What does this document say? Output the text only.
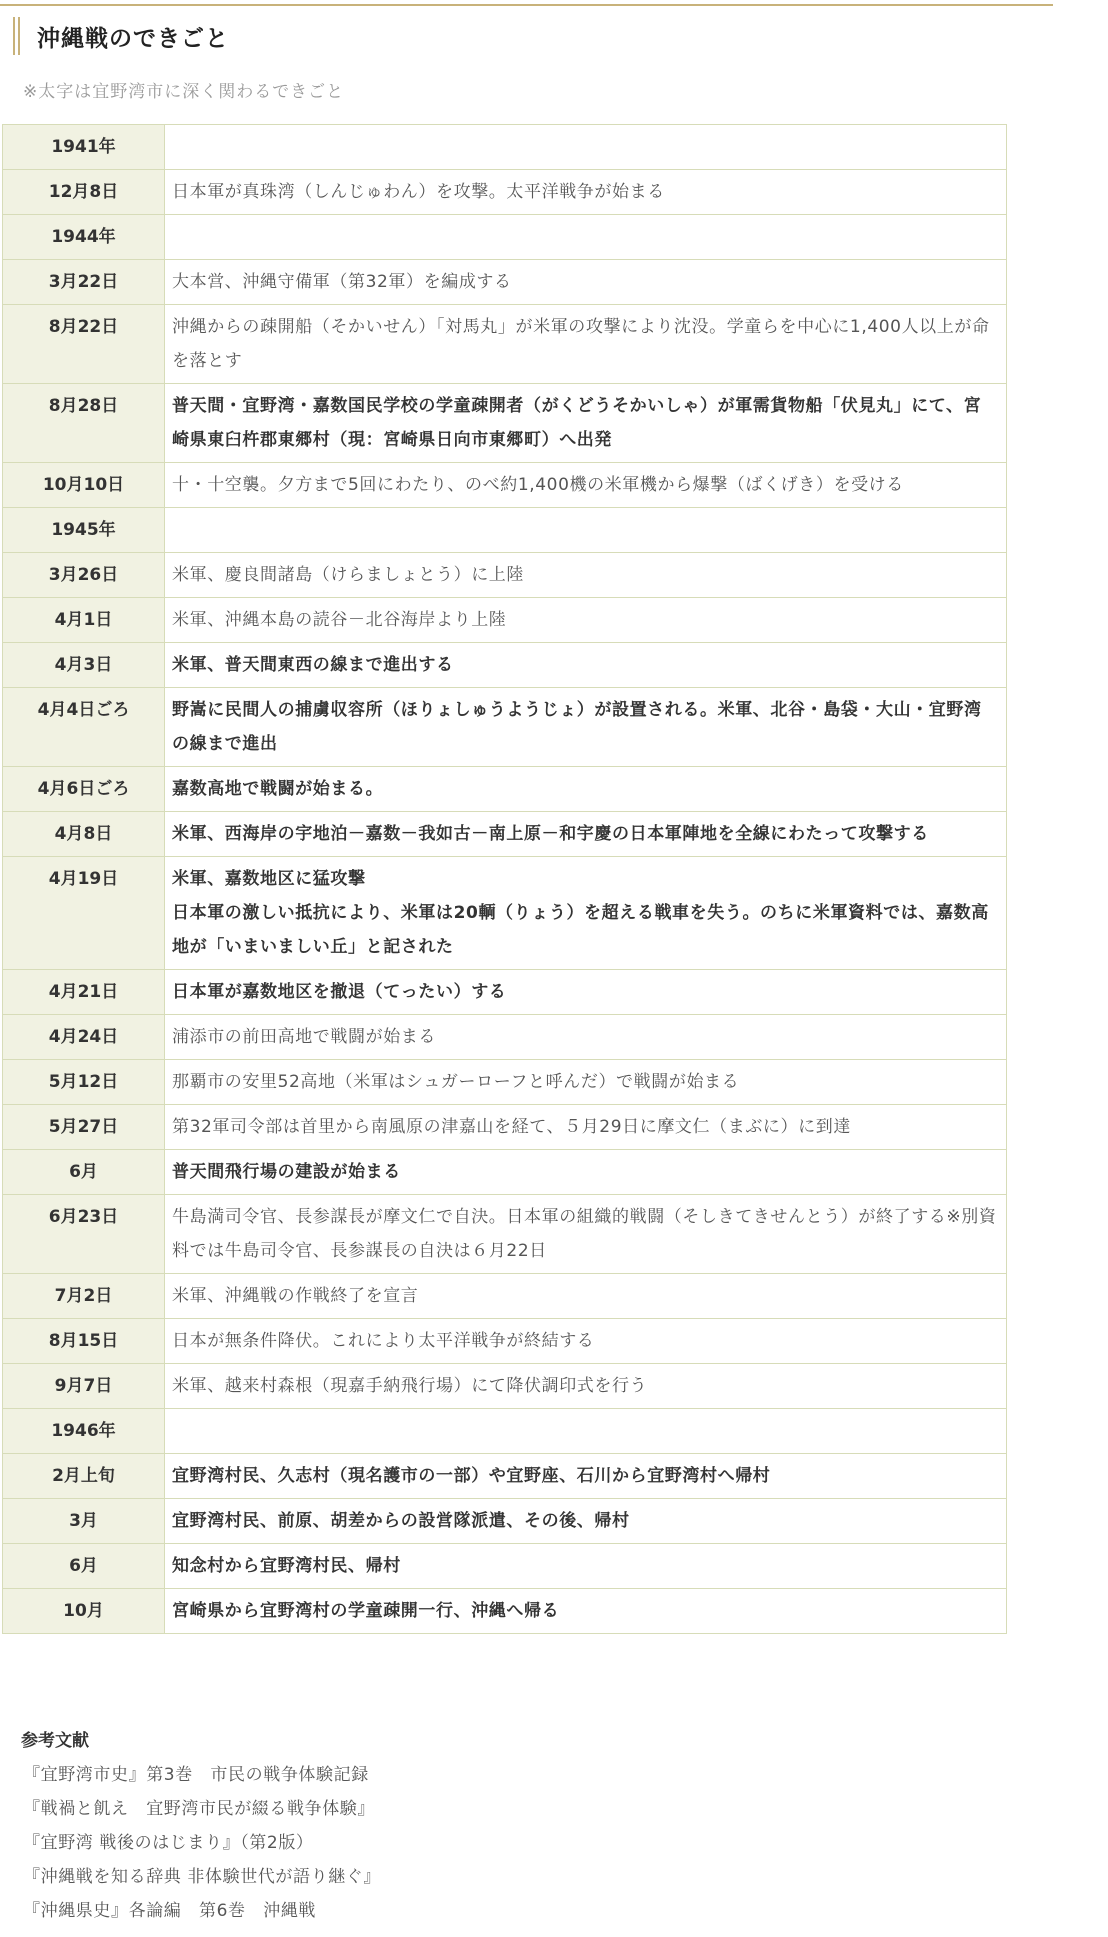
沖縄戦のできごと
※太字は宜野湾市に深く関わるできごと
1941年	
12月8日	日本軍が真珠湾（しんじゅわん）を攻撃。太平洋戦争が始まる
1944年	
3月22日	大本営、沖縄守備軍（第32軍）を編成する
8月22日	沖縄からの疎開船（そかいせん）「対馬丸」が米軍の攻撃により沈没。学童らを中心に1,400人以上が命を落とす
8月28日	普天間・宜野湾・嘉数国民学校の学童疎開者（がくどうそかいしゃ）が軍需貨物船「伏見丸」にて、宮崎県東臼杵郡東郷村（現：宮崎県日向市東郷町）へ出発
10月10日	十・十空襲。夕方まで5回にわたり、のべ約1,400機の米軍機から爆撃（ばくげき）を受ける
1945年	
3月26日	米軍、慶良間諸島（けらましょとう）に上陸
4月1日	米軍、沖縄本島の読谷－北谷海岸より上陸
4月3日	米軍、普天間東西の線まで進出する
4月4日ごろ	野嵩に民間人の捕虜収容所（ほりょしゅうようじょ）が設置される。米軍、北谷・島袋・大山・宜野湾の線まで進出
4月6日ごろ	嘉数高地で戦闘が始まる。
4月8日	米軍、西海岸の宇地泊－嘉数－我如古－南上原－和宇慶の日本軍陣地を全線にわたって攻撃する
4月19日	米軍、嘉数地区に猛攻撃
日本軍の激しい抵抗により、米軍は20輌（りょう）を超える戦車を失う。のちに米軍資料では、嘉数高地が「いまいましい丘」と記された
4月21日	日本軍が嘉数地区を撤退（てったい）する
4月24日	浦添市の前田高地で戦闘が始まる
5月12日	那覇市の安里52高地（米軍はシュガーローフと呼んだ）で戦闘が始まる
5月27日	第32軍司令部は首里から南風原の津嘉山を経て、５月29日に摩文仁（まぶに）に到達
6月	普天間飛行場の建設が始まる
6月23日	牛島満司令官、長参謀長が摩文仁で自決。日本軍の組織的戦闘（そしきてきせんとう）が終了する※別資料では牛島司令官、長参謀長の自決は６月22日
7月2日	米軍、沖縄戦の作戦終了を宣言
8月15日	日本が無条件降伏。これにより太平洋戦争が終結する
9月7日	米軍、越来村森根（現嘉手納飛行場）にて降伏調印式を行う
1946年	
2月上旬	宜野湾村民、久志村（現名護市の一部）や宜野座、石川から宜野湾村へ帰村
3月	宜野湾村民、前原、胡差からの設営隊派遣、その後、帰村
6月	知念村から宜野湾村民、帰村
10月	宮崎県から宜野湾村の学童疎開一行、沖縄へ帰る
参考文献
『宜野湾市史』第3巻　市民の戦争体験記録
『戦禍と飢え　宜野湾市民が綴る戦争体験』
『宜野湾 戦後のはじまり』（第2版）
『沖縄戦を知る辞典 非体験世代が語り継ぐ』
『沖縄県史』各論編　第6巻　沖縄戦
